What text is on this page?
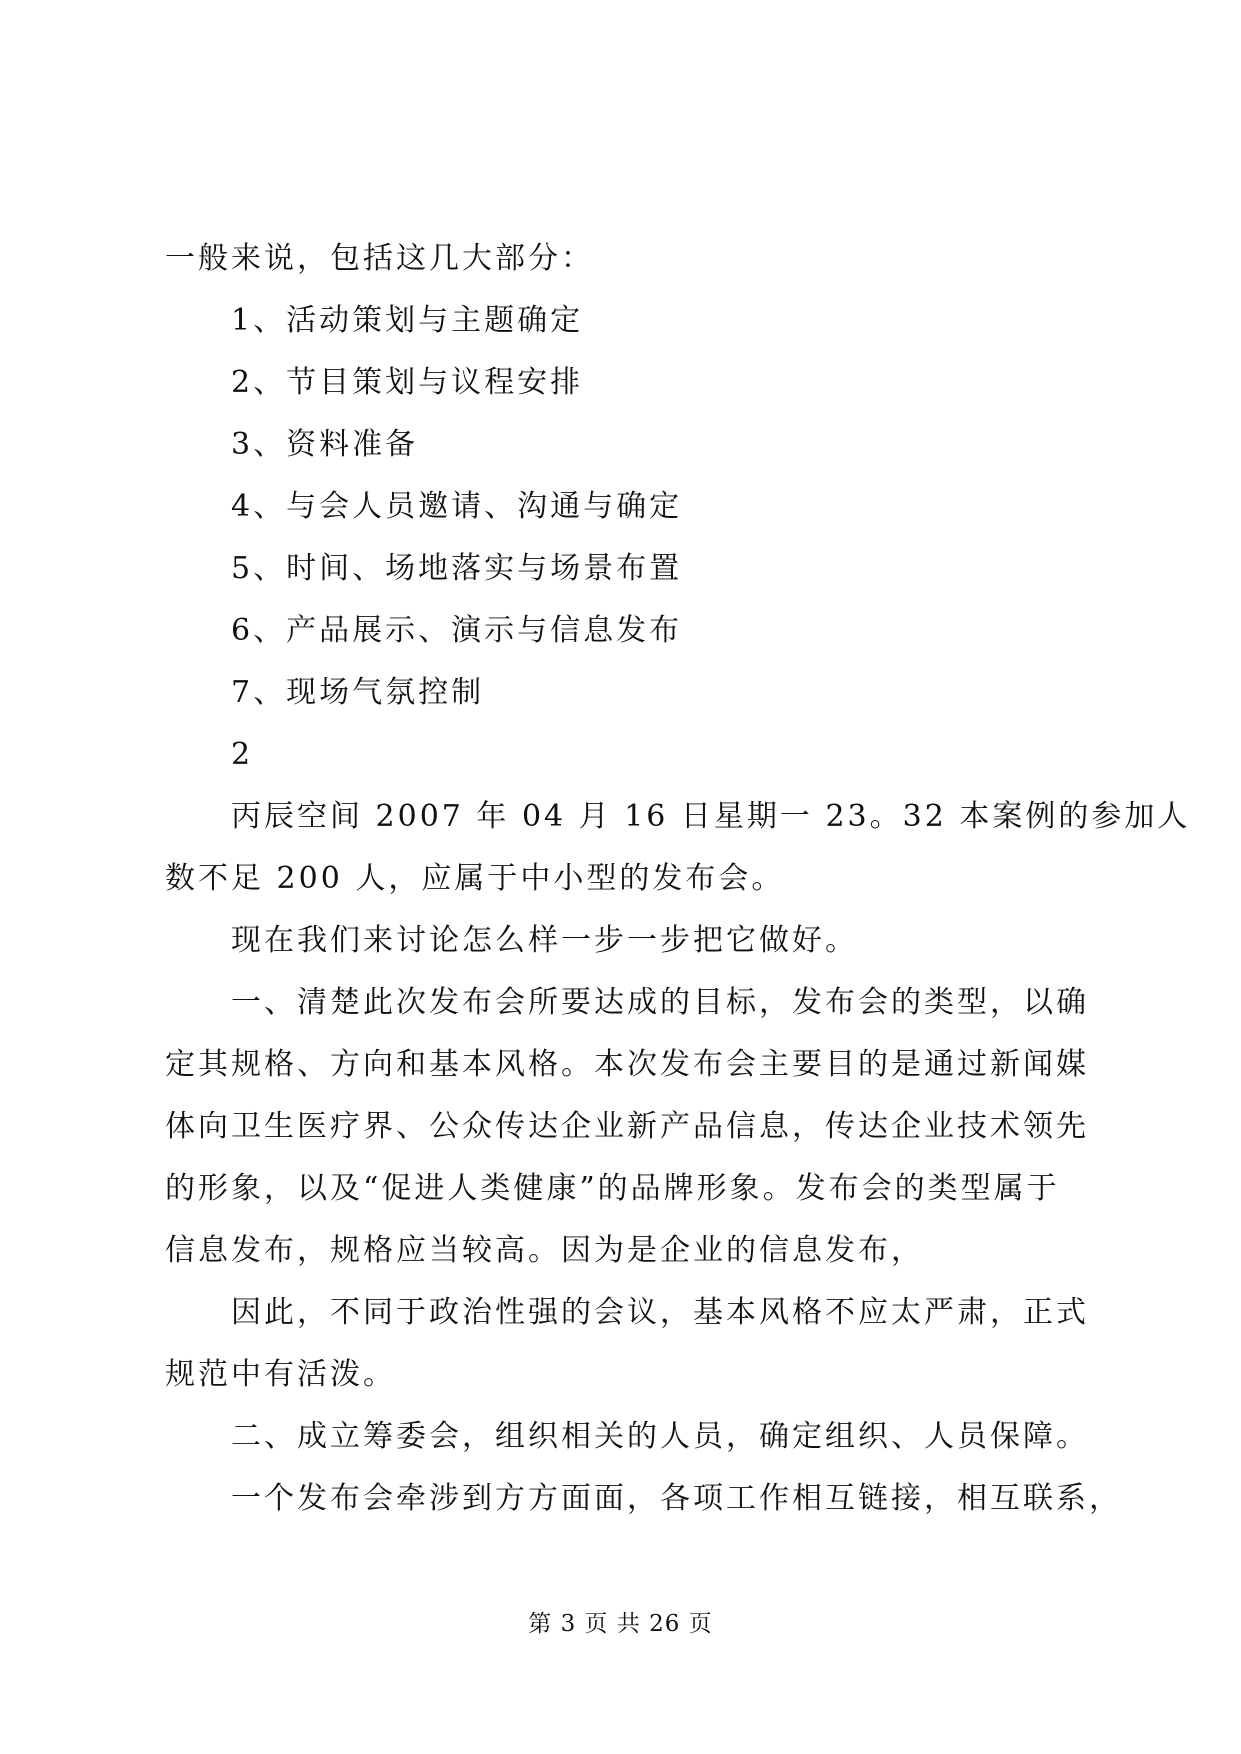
一般来说，包括这几大部分：
1、活动策划与主题确定
2、节目策划与议程安排
3、资料准备
4、与会人员邀请、沟通与确定
5、时间、场地落实与场景布置
6、产品展示、演示与信息发布
7、现场气氛控制
2
丙辰空间 2007 年 04 月 16 日星期一 23。32 本案例的参加人
数不足 200 人，应属于中小型的发布会。
现在我们来讨论怎么样一步一步把它做好。
一、清楚此次发布会所要达成的目标，发布会的类型，以确
定其规格、方向和基本风格。本次发布会主要目的是通过新闻媒
体向卫生医疗界、公众传达企业新产品信息，传达企业技术领先
的形象，以及“促进人类健康”的品牌形象。发布会的类型属于
信息发布，规格应当较高。因为是企业的信息发布，
因此，不同于政治性强的会议，基本风格不应太严肃，正式
规范中有活泼。
二、成立筹委会，组织相关的人员，确定组织、人员保障。
一个发布会牵涉到方方面面，各项工作相互链接，相互联系，
第 3 页 共 26 页
